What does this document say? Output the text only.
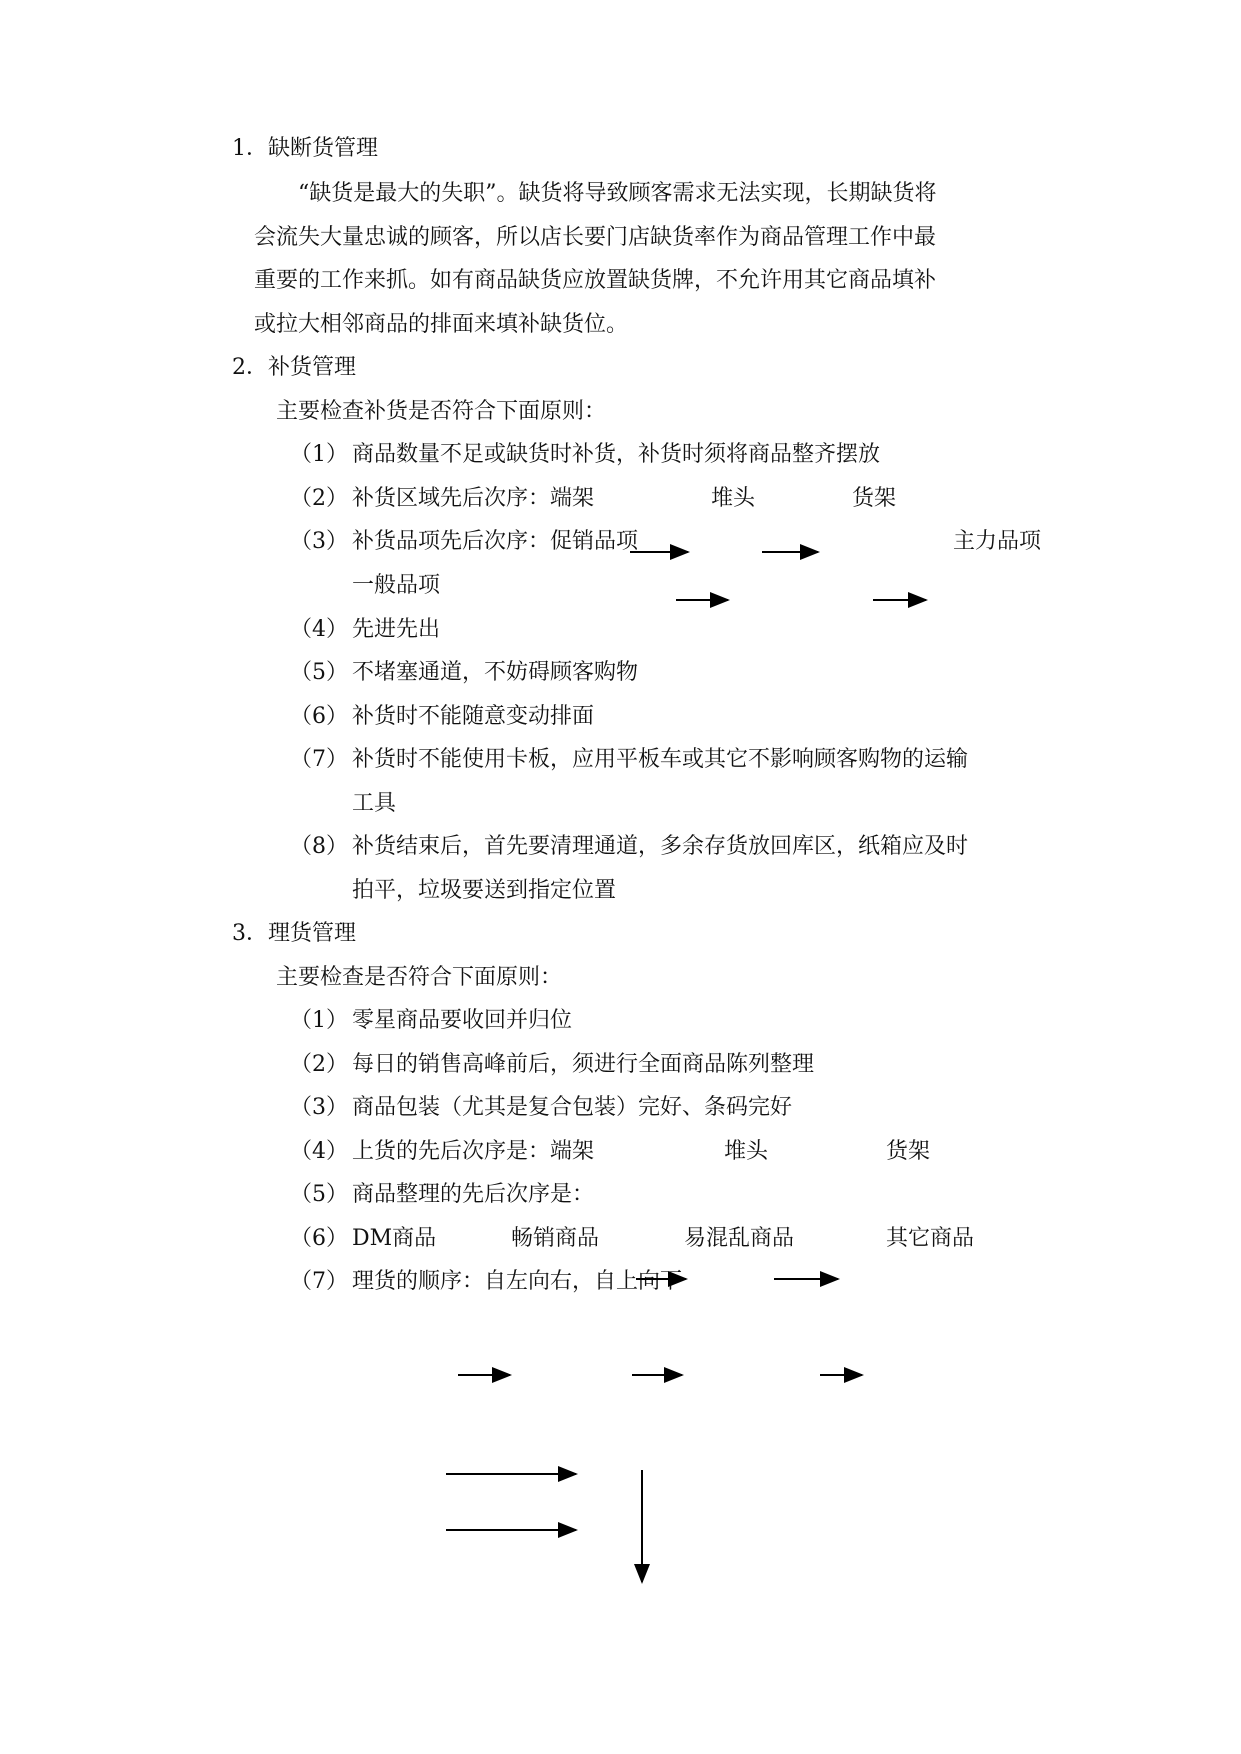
1．缺断货管理
“缺货是最大的失职”。缺货将导致顾客需求无法实现，长期缺货将
会流失大量忠诚的顾客，所以店长要门店缺货率作为商品管理工作中最
重要的工作来抓。如有商品缺货应放置缺货牌，不允许用其它商品填补
或拉大相邻商品的排面来填补缺货位。
2．补货管理
主要检查补货是否符合下面原则：
（1） 商品数量不足或缺货时补货，补货时须将商品整齐摆放
（2） 补货区域先后次序：端架	堆头	货架
（3） 补货品项先后次序：促销品项	主力品项
一般品项
（4） 先进先出
（5） 不堵塞通道，不妨碍顾客购物
（6） 补货时不能随意变动排面
（7） 补货时不能使用卡板，应用平板车或其它不影响顾客购物的运输
工具
（8） 补货结束后，首先要清理通道，多余存货放回库区，纸箱应及时
拍平，垃圾要送到指定位置
3．理货管理
主要检查是否符合下面原则：
（1） 零星商品要收回并归位
（2） 每日的销售高峰前后，须进行全面商品陈列整理
（3） 商品包装（尤其是复合包装）完好、条码完好
（4） 上货的先后次序是：端架	堆头	货架
（5） 商品整理的先后次序是：
（6） DM商品	畅销商品	易混乱商品	其它商品
（7） 理货的顺序：自左向右，自上向下
